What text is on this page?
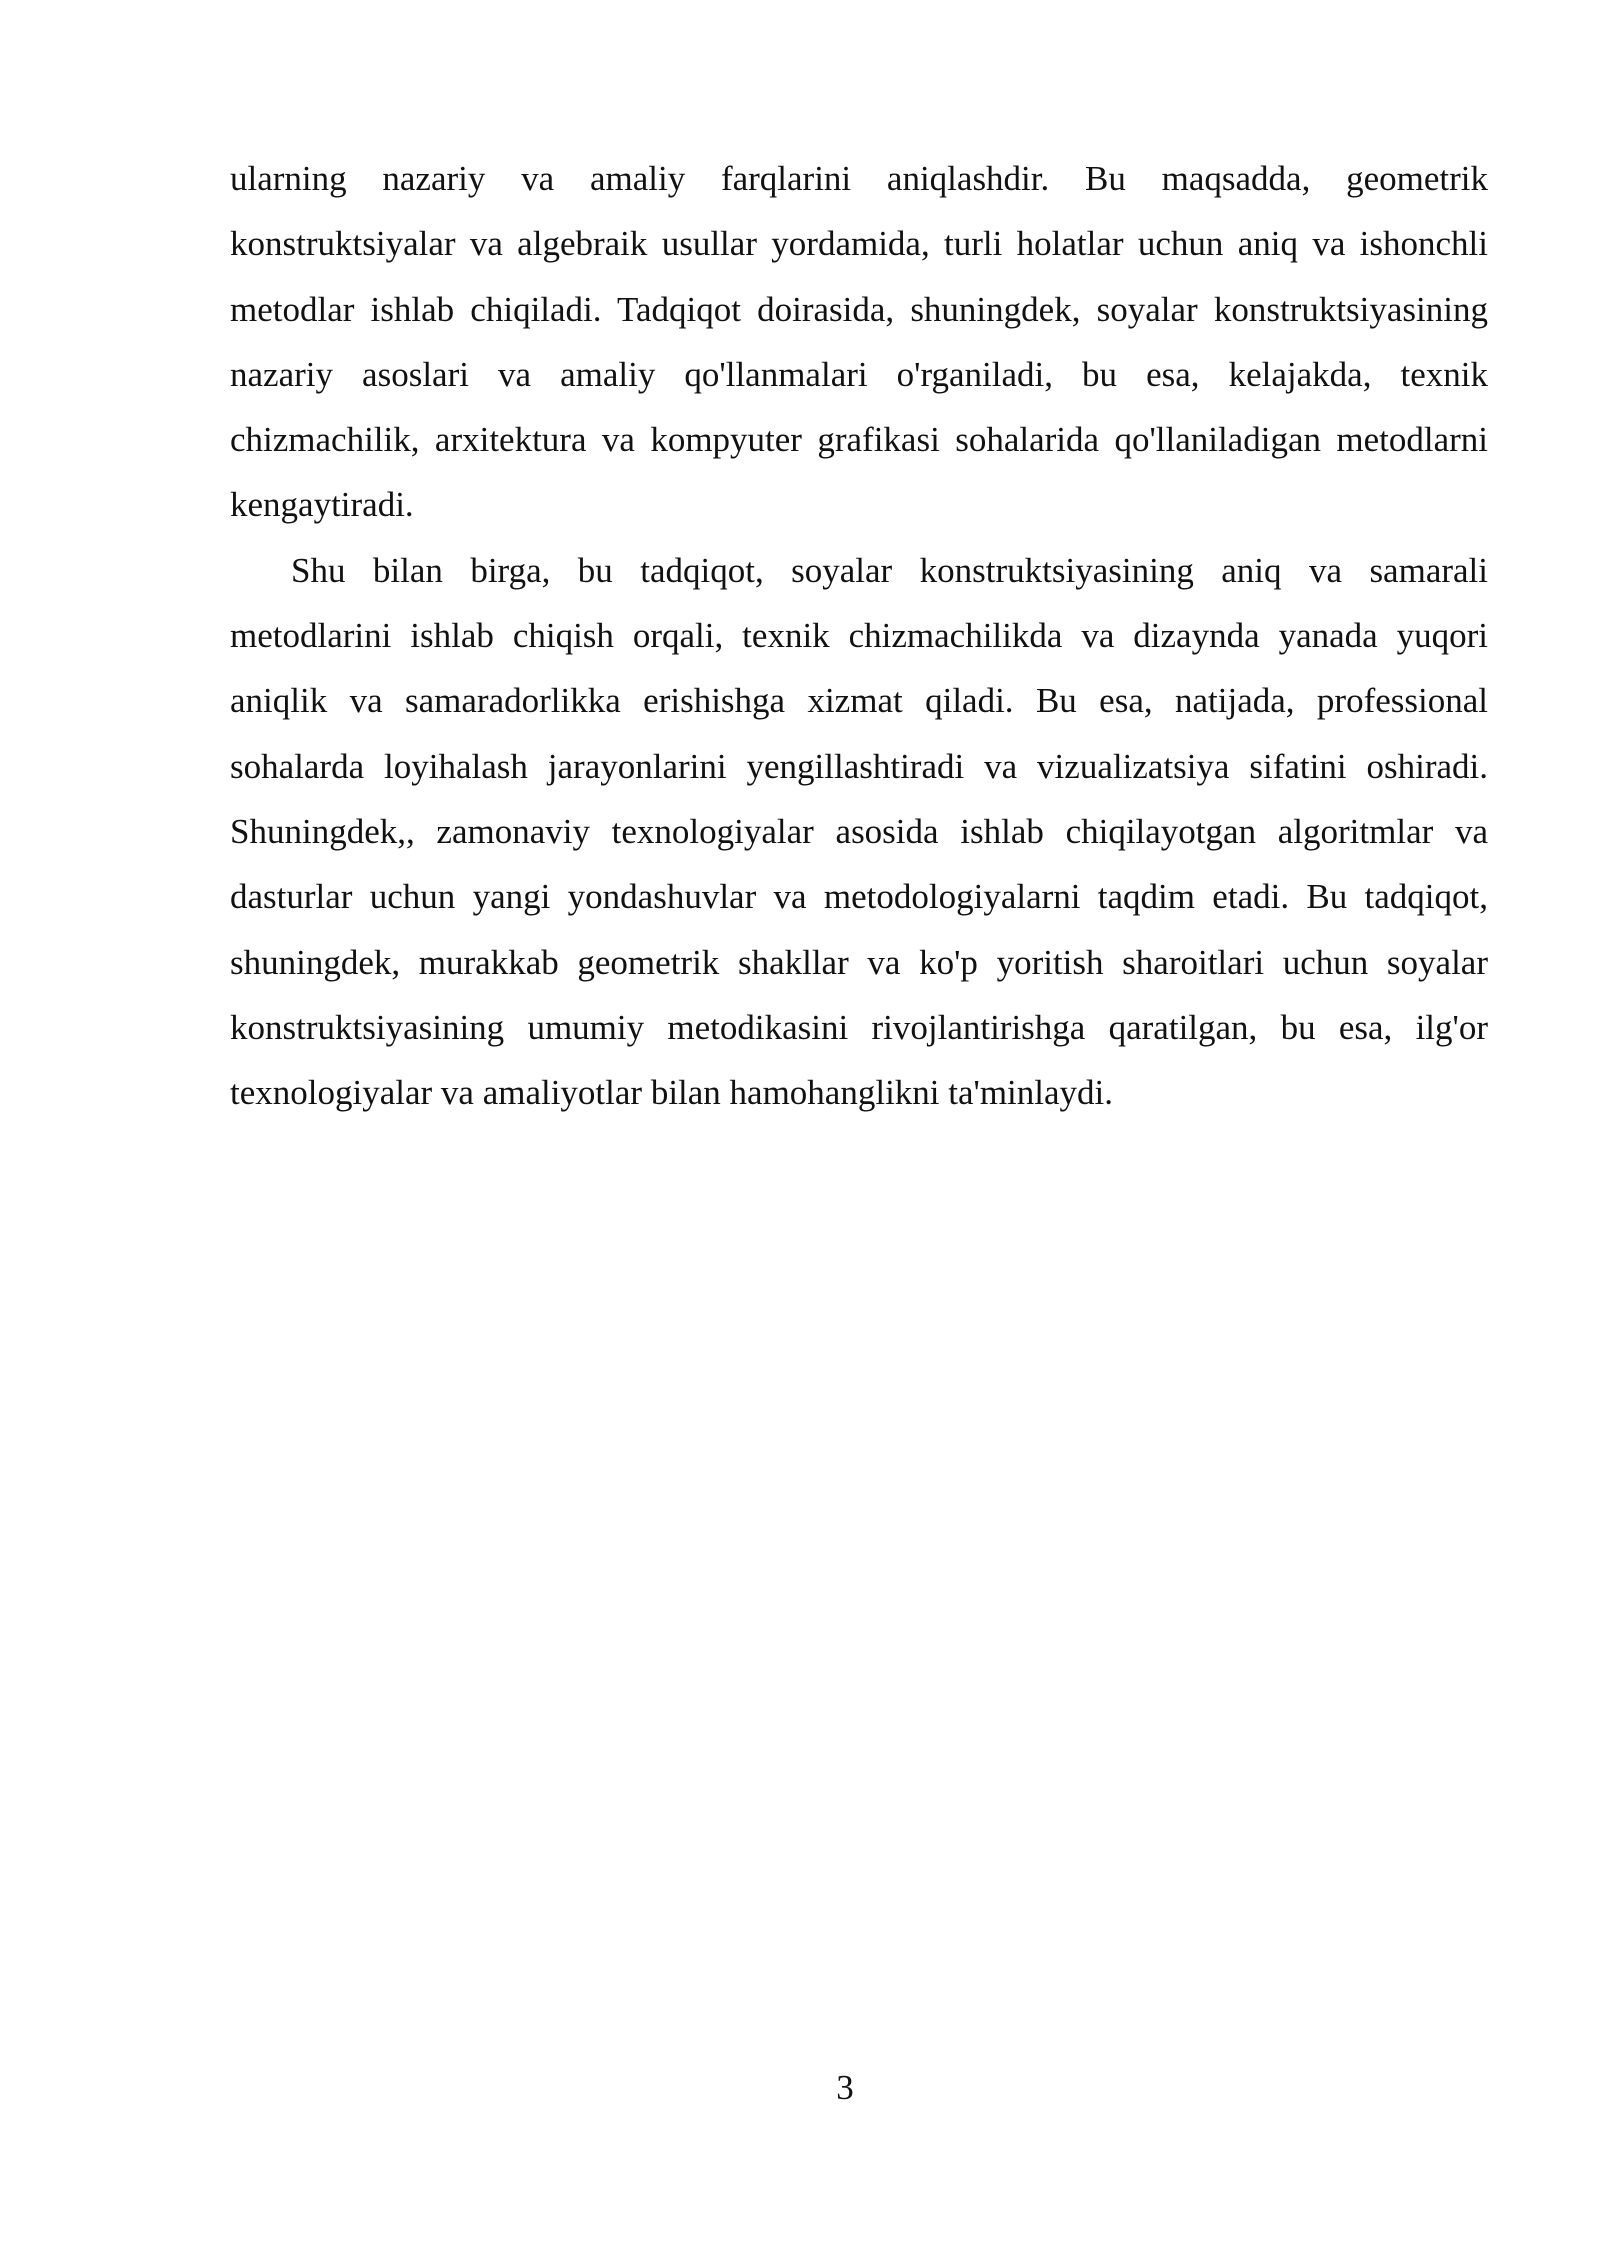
ularning nazariy va amaliy farqlarini aniqlashdir. Bu maqsadda, geometrik konstruktsiyalar va algebraik usullar yordamida, turli holatlar uchun aniq va ishonchli metodlar ishlab chiqiladi. Tadqiqot doirasida, shuningdek, soyalar konstruktsiyasining nazariy asoslari va amaliy qo'llanmalari o'rganiladi, bu esa, kelajakda, texnik chizmachilik, arxitektura va kompyuter grafikasi sohalarida qo'llaniladigan metodlarni kengaytiradi.

Shu bilan birga, bu tadqiqot, soyalar konstruktsiyasining aniq va samarali metodlarini ishlab chiqish orqali, texnik chizmachilikda va dizaynda yanada yuqori aniqlik va samaradorlikka erishishga xizmat qiladi. Bu esa, natijada, professional sohalarda loyihalash jarayonlarini yengillashtiradi va vizualizatsiya sifatini oshiradi. Shuningdek,, zamonaviy texnologiyalar asosida ishlab chiqilayotgan algoritmlar va dasturlar uchun yangi yondashuvlar va metodologiyalarni taqdim etadi. Bu tadqiqot, shuningdek, murakkab geometrik shakllar va ko'p yoritish sharoitlari uchun soyalar konstruktsiyasining umumiy metodikasini rivojlantirishga qaratilgan, bu esa, ilg'or texnologiyalar va amaliyotlar bilan hamohanglikni ta'minlaydi.

3
